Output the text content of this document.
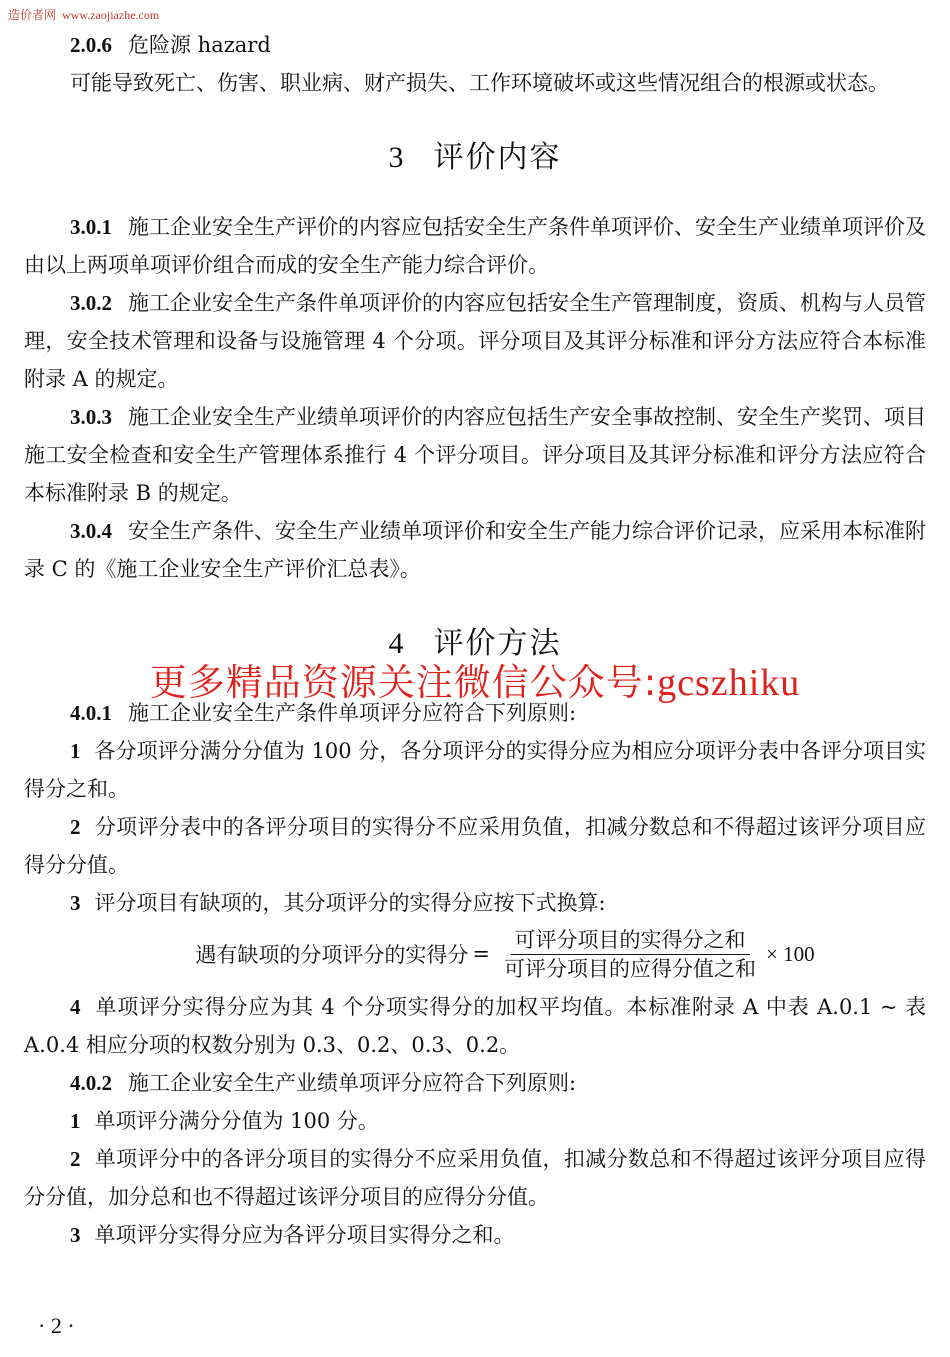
造价者网 www.zaojiazhe.com

2.0.6 危险源 hazard

可能导致死亡、伤害、职业病、财产损失、工作环境破坏或这些情况组合的根源或状态。

3 评价内容

3.0.1 施工企业安全生产评价的内容应包括安全生产条件单项评价、安全生产业绩单项评价及由以上两项单项评价组合而成的安全生产能力综合评价。

3.0.2 施工企业安全生产条件单项评价的内容应包括安全生产管理制度，资质、机构与人员管理，安全技术管理和设备与设施管理 4 个分项。评分项目及其评分标准和评分方法应符合本标准附录 A 的规定。

3.0.3 施工企业安全生产业绩单项评价的内容应包括生产安全事故控制、安全生产奖罚、项目施工安全检查和安全生产管理体系推行 4 个评分项目。评分项目及其评分标准和评分方法应符合本标准附录 B 的规定。

3.0.4 安全生产条件、安全生产业绩单项评价和安全生产能力综合评价记录，应采用本标准附录 C 的《施工企业安全生产评价汇总表》。

4 评价方法

4.0.1 施工企业安全生产条件单项评分应符合下列原则:

1 各分项评分满分分值为 100 分，各分项评分的实得分应为相应分项评分表中各评分项目实得分之和。

2 分项评分表中的各评分项目的实得分不应采用负值，扣减分数总和不得超过该评分项目应得分分值。

3 评分项目有缺项的，其分项评分的实得分应按下式换算:

遇有缺项的分项评分的实得分 = $\frac{\text{可评分项目的实得分之和}}{\text{可评分项目的应得分值之和}} \times 100$

4 单项评分实得分应为其 4 个分项实得分的加权平均值。本标准附录 A 中表 A.0.1 ~ 表 A.0.4 相应分项的权数分别为 0.3、0.2、0.3、0.2。

4.0.2 施工企业安全生产业绩单项评分应符合下列原则:

1 单项评分满分分值为 100 分。

2 单项评分中的各评分项目的实得分不应采用负值，扣减分数总和不得超过该评分项目应得分分值，加分总和也不得超过该评分项目的应得分分值。

3 单项评分实得分应为各评分项目实得分之和。

更多精品资源关注微信公众号:gcszhiku
· 2 ·
